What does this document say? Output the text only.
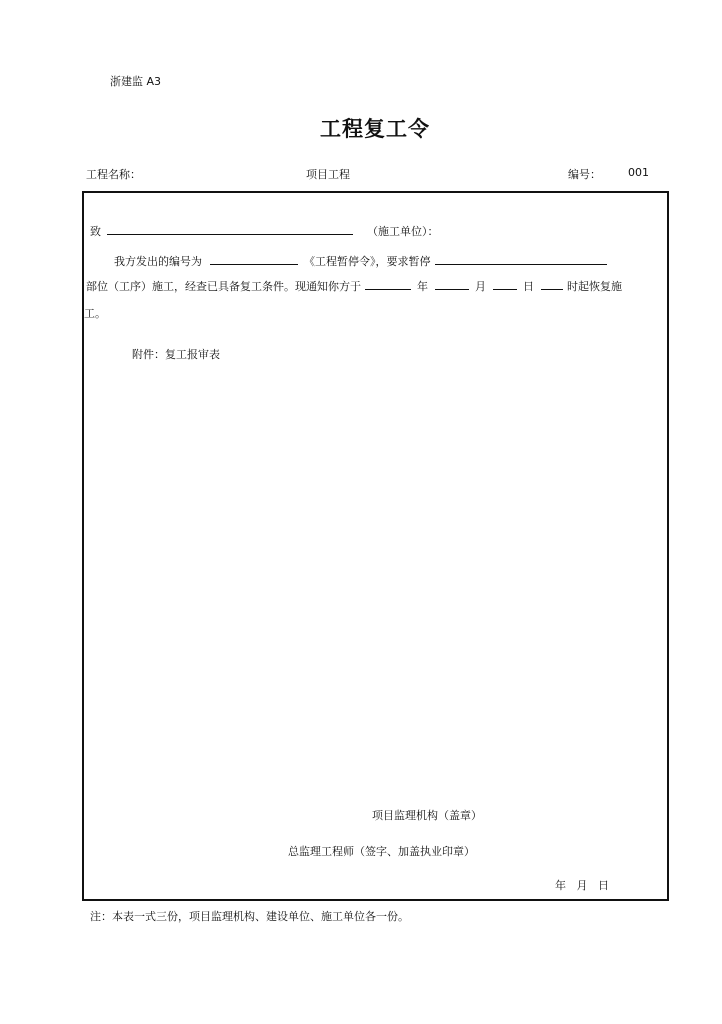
浙建监 A3
工程复工令
工程名称：	项目工程	编号： 001
致	（施工单位）：
我方发出的编号为	《工程暂停令》，要求暂停
部位（工序）施工，经查已具备复工条件。现通知你方于	年	月	日	时起恢复施
工。
附件：复工报审表
项目监理机构（盖章）
总监理工程师（签字、加盖执业印章）
年   月   日
注：本表一式三份，项目监理机构、建设单位、施工单位各一份。
